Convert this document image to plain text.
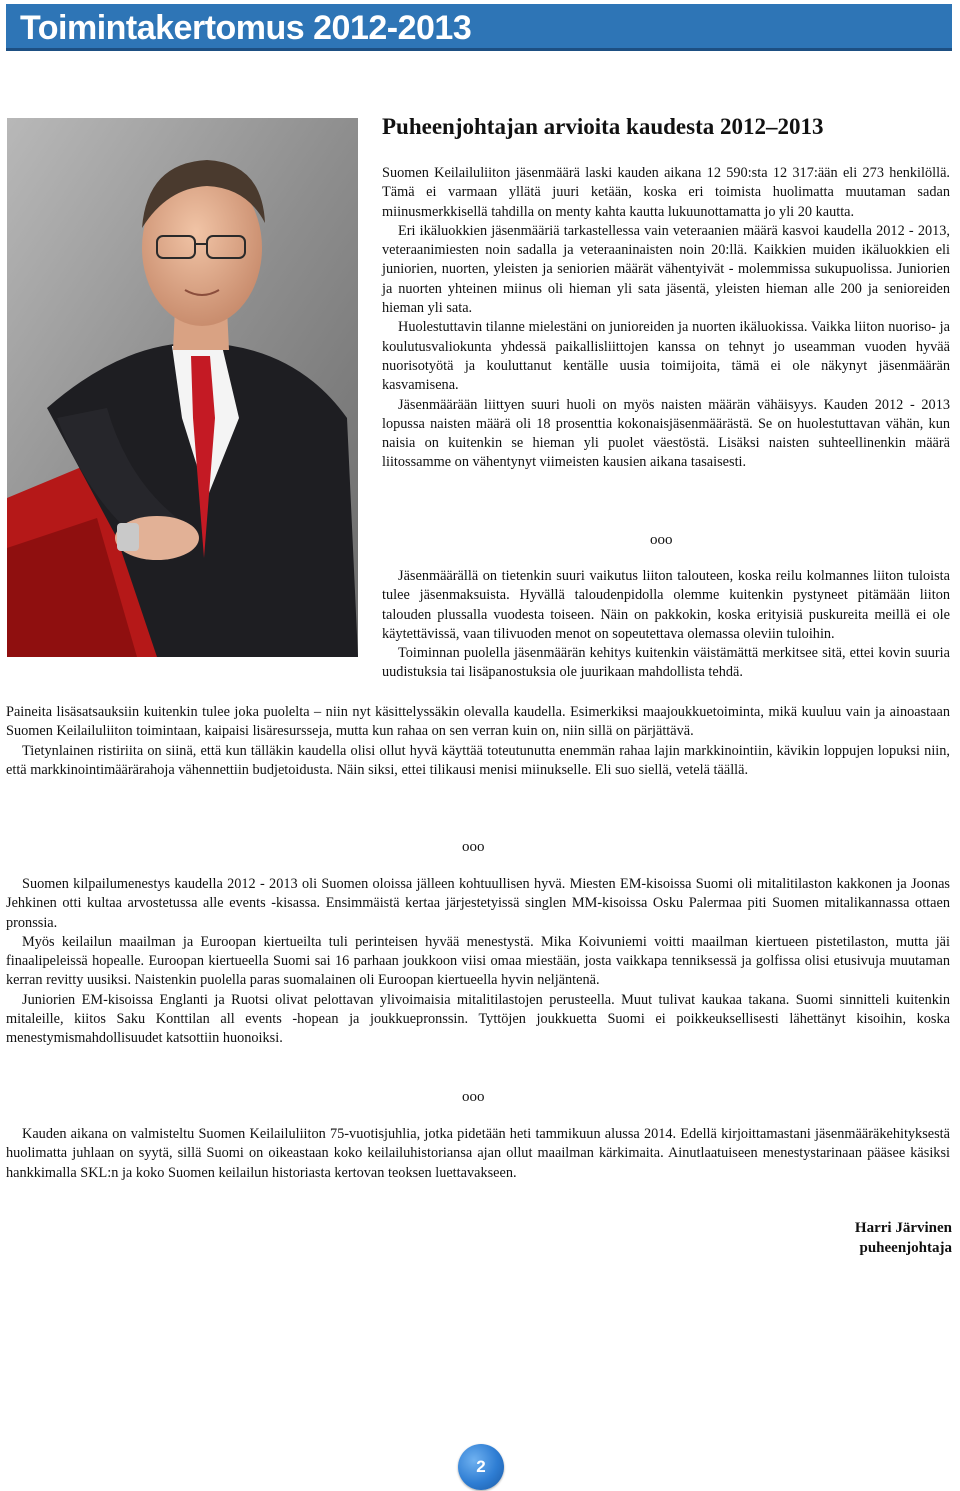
Toimintakertomus 2012-2013
Puheenjohtajan arvioita kaudesta 2012–2013

Suomen Keilailuliiton jäsenmäärä laski kauden aikana 12 590:sta 12 317:ään eli 273 henkilöllä. Tämä ei varmaan yllätä juuri ketään, koska eri toimista huolimatta muutaman sadan miinusmerkkisellä tahdilla on menty kahta kautta lukuunottamatta jo yli 20 kautta.

Eri ikäluokkien jäsenmääriä tarkastellessa vain veteraanien määrä kasvoi kaudella 2012 - 2013, veteraanimiesten noin sadalla ja veteraaninaisten noin 20:llä. Kaikkien muiden ikäluokkien eli juniorien, nuorten, yleisten ja seniorien määrät vähentyivät - molemmissa sukupuolissa. Juniorien ja nuorten yhteinen miinus oli hieman yli sata jäsentä, yleisten hieman alle 200 ja senioreiden hieman yli sata.

Huolestuttavin tilanne mielestäni on junioreiden ja nuorten ikäluokissa. Vaikka liiton nuoriso- ja koulutusvaliokunta yhdessä paikallisliittojen kanssa on tehnyt jo useamman vuoden hyvää nuorisotyötä ja kouluttanut kentälle uusia toimijoita, tämä ei ole näkynyt jäsenmäärän kasvamisena.

Jäsenmäärään liittyen suuri huoli on myös naisten määrän vähäisyys. Kauden 2012 - 2013 lopussa naisten määrä oli 18 prosenttia kokonaisjäsenmäärästä. Se on huolestuttavan vähän, kun naisia on kuitenkin se hieman yli puolet väestöstä. Lisäksi naisten suhteellinenkin määrä liitossamme on vähentynyt viimeisten kausien aikana tasaisesti.

ooo

Jäsenmäärällä on tietenkin suuri vaikutus liiton talouteen, koska reilu kolmannes liiton tuloista tulee jäsenmaksuista. Hyvällä taloudenpidolla olemme kuitenkin pystyneet pitämään liiton talouden plussalla vuodesta toiseen. Näin on pakkokin, koska erityisiä puskureita meillä ei ole käytettävissä, vaan tilivuoden menot on sopeutettava olemassa oleviin tuloihin.

Toiminnan puolella jäsenmäärän kehitys kuitenkin väistämättä merkitsee sitä, ettei kovin suuria uudistuksia tai lisäpanostuksia ole juurikaan mahdollista tehdä.

Paineita lisäsatsauksiin kuitenkin tulee joka puolelta – niin nyt käsittelyssäkin olevalla kaudella. Esimerkiksi maajoukkuetoiminta, mikä kuuluu vain ja ainoastaan Suomen Keilailuliiton toimintaan, kaipaisi lisäresursseja, mutta kun rahaa on sen verran kuin on, niin sillä on pärjättävä.

Tietynlainen ristiriita on siinä, että kun tälläkin kaudella olisi ollut hyvä käyttää toteutunutta enemmän rahaa lajin markkinointiin, kävikin loppujen lopuksi niin, että markkinointimäärärahoja vähennettiin budjetoidusta. Näin siksi, ettei tilikausi menisi miinukselle. Eli suo siellä, vetelä täällä.

ooo

Suomen kilpailumenestys kaudella 2012 - 2013 oli Suomen oloissa jälleen kohtuullisen hyvä. Miesten EM-kisoissa Suomi oli mitalitilaston kakkonen ja Joonas Jehkinen otti kultaa arvostetussa alle events -kisassa. Ensimmäistä kertaa järjestetyissä singlen MM-kisoissa Osku Palermaa piti Suomen mitalikannassa ottaen pronssia.

Myös keilailun maailman ja Euroopan kiertueilta tuli perinteisen hyvää menestystä. Mika Koivuniemi voitti maailman kiertueen pistetilaston, mutta jäi finaalipeleissä hopealle. Euroopan kiertueella Suomi sai 16 parhaan joukkoon viisi omaa miestään, josta vaikkapa tenniksessä ja golfissa olisi etusivuja muutaman kerran revitty uusiksi. Naistenkin puolella paras suomalainen oli Euroopan kiertueella hyvin neljäntenä.

Juniorien EM-kisoissa Englanti ja Ruotsi olivat pelottavan ylivoimaisia mitalitilastojen perusteella. Muut tulivat kaukaa takana. Suomi sinnitteli kuitenkin mitaleille, kiitos Saku Konttilan all events -hopean ja joukkuepronssin. Tyttöjen joukkuetta Suomi ei poikkeuksellisesti lähettänyt kisoihin, koska menestymismahdollisuudet katsottiin huonoiksi.

ooo

Kauden aikana on valmisteltu Suomen Keilailuliiton 75-vuotisjuhlia, jotka pidetään heti tammikuun alussa 2014. Edellä kirjoittamastani jäsenmääräkehityksestä huolimatta juhlaan on syytä, sillä Suomi on oikeastaan koko keilailuhistoriansa ajan ollut maailman kärkimaita. Ainutlaatuiseen menestystarinaan pääsee käsiksi hankkimalla SKL:n ja koko Suomen keilailun historiasta kertovan teoksen luettavakseen.

Harri Järvinen
puheenjohtaja
2
